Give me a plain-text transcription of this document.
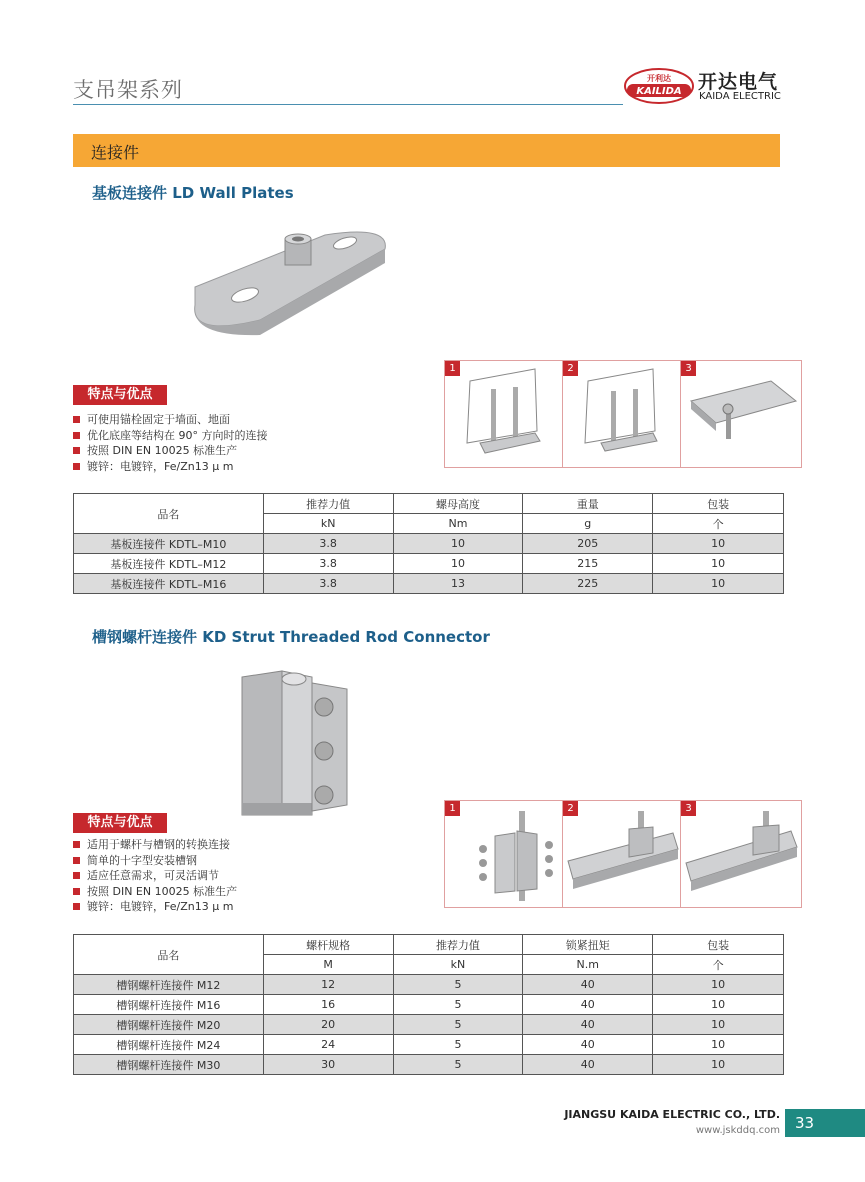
支吊架系列	开利达
KAILIDA 开达电气
KAIDA ELECTRIC
连接件
基板连接件 LD Wall Plates
特点与优点
可使用锚栓固定于墙面、地面
优化底座等结构在 90° 方向时的连接
按照 DIN EN 10025 标准生产
镀锌：电镀锌，Fe/Zn13 μ m
1	2	3
品名	推荐力值	螺母高度	重量	包装
	kN	Nm	g	个
基板连接件 KDTL–M10	3.8	10	205	10
基板连接件 KDTL–M12	3.8	10	215	10
基板连接件 KDTL–M16	3.8	13	225	10
槽钢螺杆连接件 KD Strut Threaded Rod Connector
特点与优点
适用于螺杆与槽钢的转换连接
简单的十字型安装槽钢
适应任意需求，可灵活调节
按照 DIN EN 10025 标准生产
镀锌：电镀锌，Fe/Zn13 μ m
1	2	3
品名	螺杆规格	推荐力值	锁紧扭矩	包装
	M	kN	N.m	个
槽钢螺杆连接件 M12	12	5	40	10
槽钢螺杆连接件 M16	16	5	40	10
槽钢螺杆连接件 M20	20	5	40	10
槽钢螺杆连接件 M24	24	5	40	10
槽钢螺杆连接件 M30	30	5	40	10
JIANGSU KAIDA ELECTRIC CO., LTD.
www.jskddq.com	33
